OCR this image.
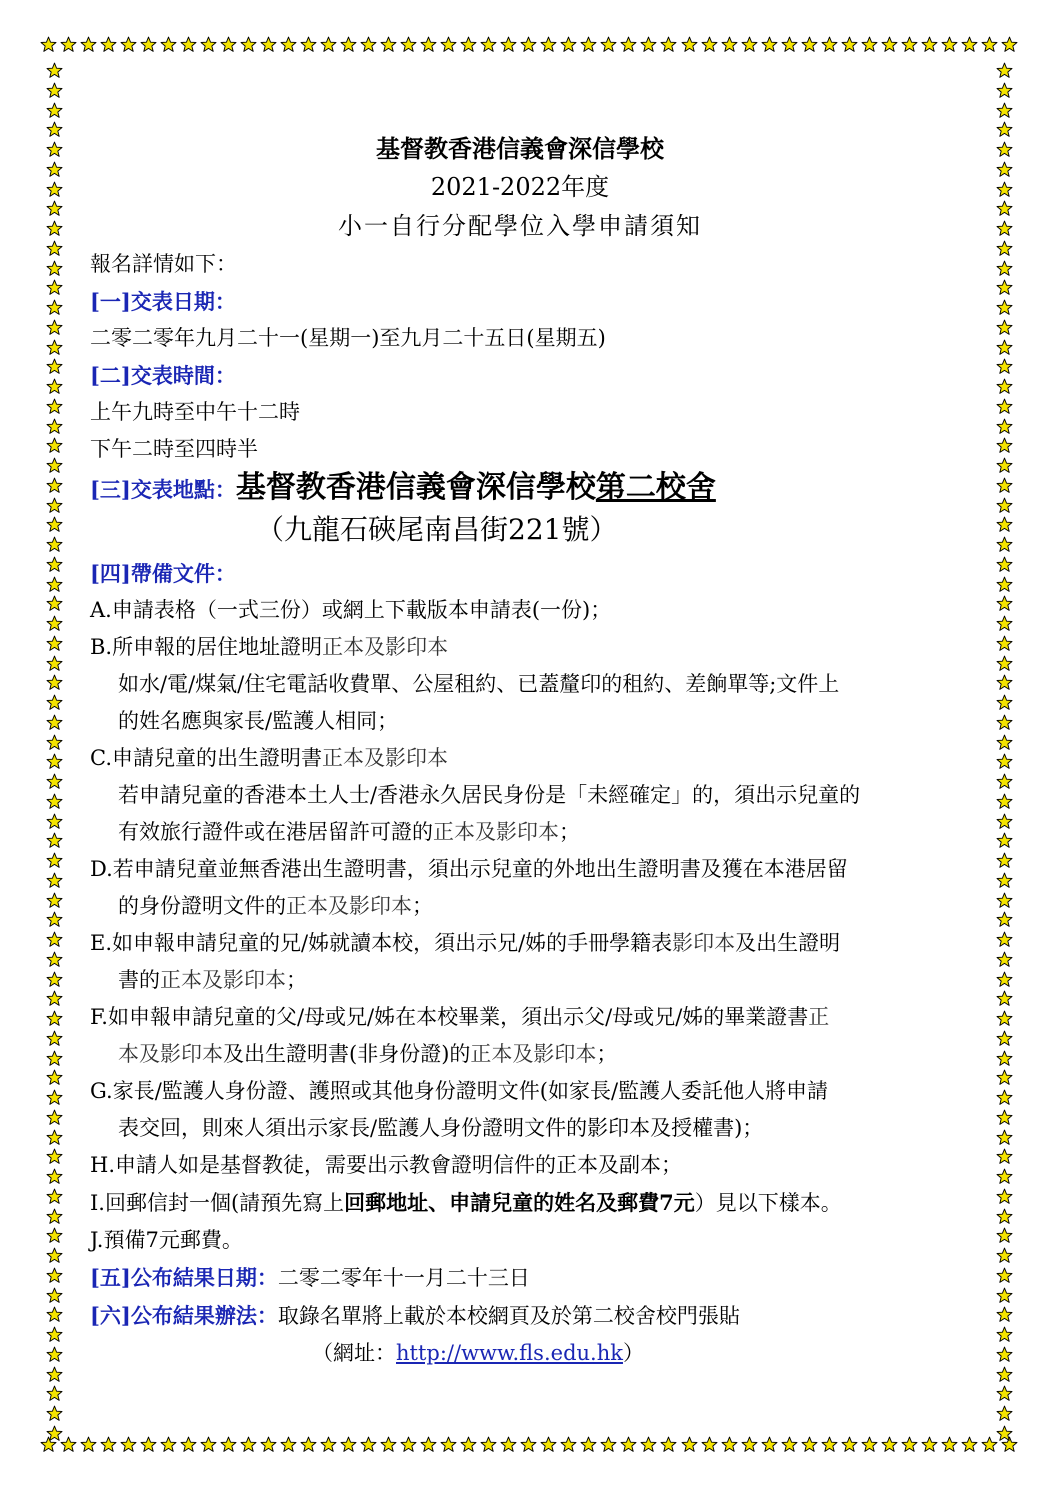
基督教香港信義會深信學校
2021-2022年度
小一自行分配學位入學申請須知
報名詳情如下：
[一]交表日期：
二零二零年九月二十一(星期一)至九月二十五日(星期五)
[二]交表時間：
上午九時至中午十二時
下午二時至四時半
[三]交表地點：基督教香港信義會深信學校第二校舍
（九龍石硤尾南昌街221號）
[四]帶備文件：
A.申請表格（一式三份）或網上下載版本申請表(一份)；
B.所申報的居住地址證明正本及影印本
如水/電/煤氣/住宅電話收費單、公屋租約、已蓋釐印的租約、差餉單等;文件上
的姓名應與家長/監護人相同；
C.申請兒童的出生證明書正本及影印本
若申請兒童的香港本土人士/香港永久居民身份是「未經確定」的，須出示兒童的
有效旅行證件或在港居留許可證的正本及影印本；
D.若申請兒童並無香港出生證明書，須出示兒童的外地出生證明書及獲在本港居留
的身份證明文件的正本及影印本；
E.如申報申請兒童的兄/姊就讀本校，須出示兄/姊的手冊學籍表影印本及出生證明
書的正本及影印本；
F.如申報申請兒童的父/母或兄/姊在本校畢業，須出示父/母或兄/姊的畢業證書正
本及影印本及出生證明書(非身份證)的正本及影印本；
G.家長/監護人身份證、護照或其他身份證明文件(如家長/監護人委託他人將申請
表交回，則來人須出示家長/監護人身份證明文件的影印本及授權書)；
H.申請人如是基督教徒，需要出示教會證明信件的正本及副本；
I.回郵信封一個(請預先寫上回郵地址、申請兒童的姓名及郵費7元）見以下樣本。
J.預備7元郵費。
[五]公布結果日期：二零二零年十一月二十三日
[六]公布結果辦法：取錄名單將上載於本校網頁及於第二校舍校門張貼
（網址：http://www.fls.edu.hk）
